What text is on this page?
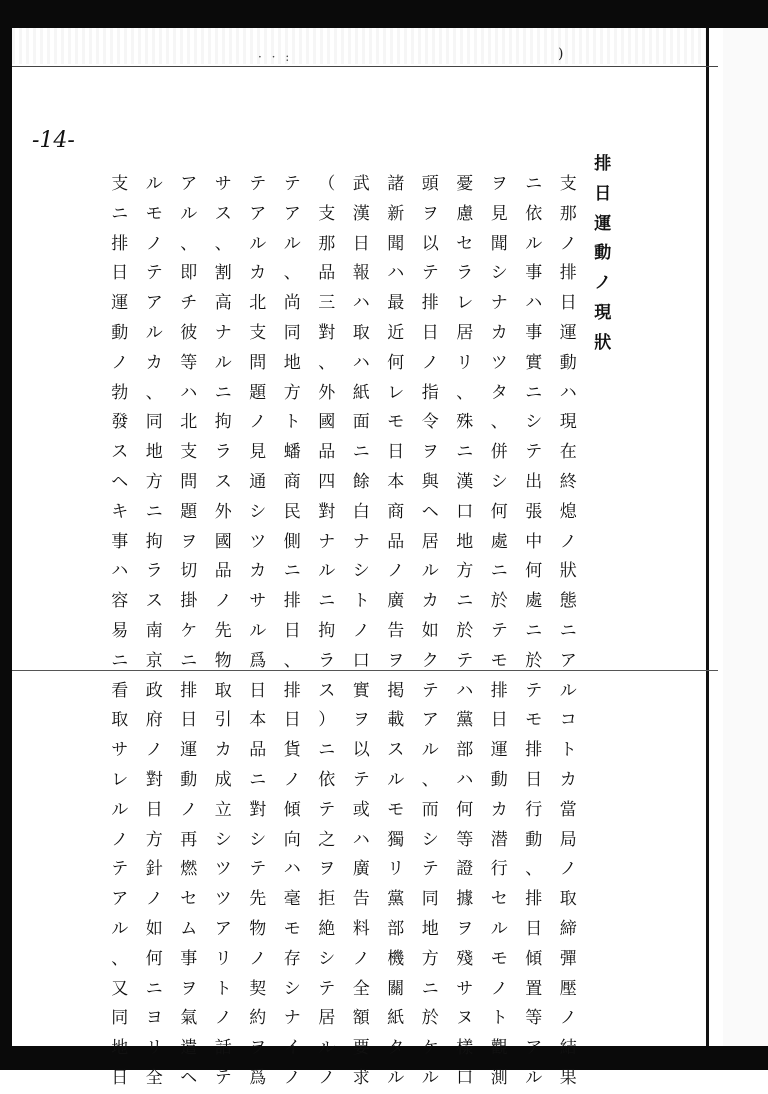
· · :	)
-14-
排
日
運
動
ノ
現
狀
支
那
ノ
排
日
運
動
ハ
現
在
終
熄
ノ
狀
態
ニ
ア
ル
コ
ト
カ
當
局
ノ
取
締
彈
壓
ノ
結
果
ニ
依
ル
事
ハ
事
實
ニ
シ
テ
出
張
中
何
處
ニ
於
テ
モ
排
日
行
動
、
排
日
傾
置
等
ア
ル
ヲ
見
聞
シ
ナ
カ
ツ
タ
、
併
シ
何
處
ニ
於
テ
モ
排
日
運
動
カ
潜
行
セ
ル
モ
ノ
ト
觀
測
憂
慮
セ
ラ
レ
居
リ
、
殊
ニ
漢
口
地
方
ニ
於
テ
ハ
黨
部
ハ
何
等
證
據
ヲ
殘
サ
ヌ
樣
口
頭
ヲ
以
テ
排
日
ノ
指
令
ヲ
與
ヘ
居
ル
カ
如
ク
テ
ア
ル
、
而
シ
テ
同
地
方
ニ
於
ケ
ル
諸
新
聞
ハ
最
近
何
レ
モ
日
本
商
品
ノ
廣
告
ヲ
掲
載
ス
ル
モ
獨
リ
黨
部
機
關
紙
タ
ル
武
漢
日
報
ハ
取
ハ
紙
面
ニ
餘
白
ナ
シ
ト
ノ
口
實
ヲ
以
テ
或
ハ
廣
告
料
ノ
全
額
要
求
（
支
那
品
三
對
、
外
國
品
四
對
ナ
ル
ニ
拘
ラ
ス
）
ニ
依
テ
之
ヲ
拒
絶
シ
テ
居
ル
ノ
テ
ア
ル
、
尚
同
地
方
ト
蟠
商
民
側
ニ
排
日
、
排
日
貨
ノ
傾
向
ハ
毫
モ
存
シ
ナ
イ
ノ
テ
ア
ル
カ
北
支
問
題
ノ
見
通
シ
ツ
カ
サ
ル
爲
日
本
品
ニ
對
シ
テ
先
物
ノ
契
約
ヲ
爲
サ
ス
、
割
高
ナ
ル
ニ
拘
ラ
ス
外
國
品
ノ
先
物
取
引
カ
成
立
シ
ツ
ツ
ア
リ
ト
ノ
話
テ
ア
ル
、
即
チ
彼
等
ハ
北
支
問
題
ヲ
切
掛
ケ
ニ
排
日
運
動
ノ
再
燃
セ
ム
事
ヲ
氣
遣
ヘ
ル
モ
ノ
テ
ア
ル
カ
、
同
地
方
ニ
拘
ラ
ス
南
京
政
府
ノ
對
日
方
針
ノ
如
何
ニ
ヨ
リ
全
支
ニ
排
日
運
動
ノ
勃
發
ス
ヘ
キ
事
ハ
容
易
ニ
看
取
サ
レ
ル
ノ
テ
ア
ル
、
又
同
地
日
